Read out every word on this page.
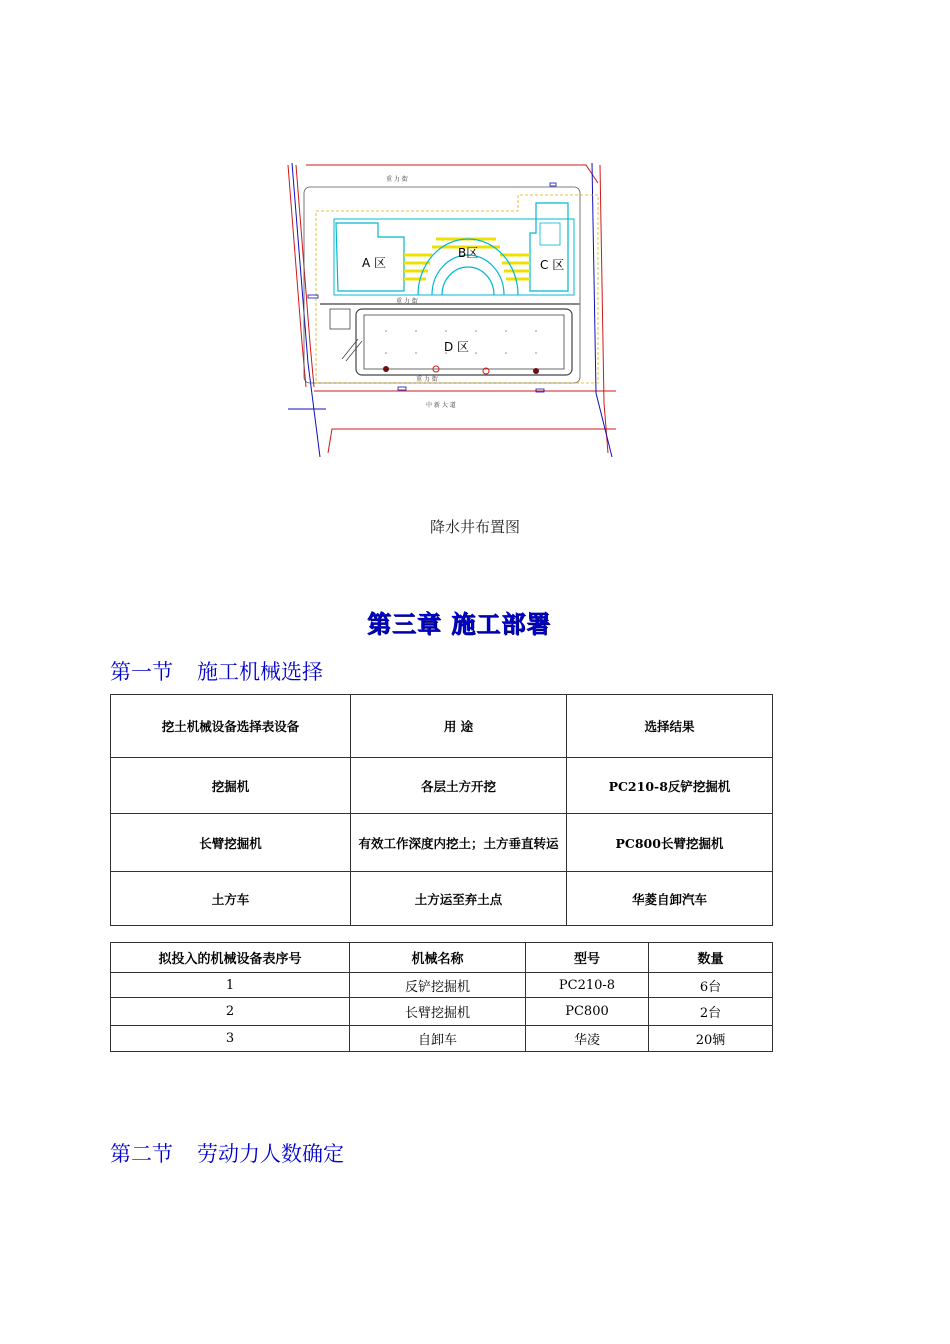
重 力 街
重 力 街
重 力 街
中 新 大 道
A 区
B区
C 区
D 区
降水井布置图
第三章 施工部署
第一节 施工机械选择
挖土机械设备选择表设备	用 途	选择结果
挖掘机	各层土方开挖	PC210-8反铲挖掘机
长臂挖掘机	有效工作深度内挖土；土方垂直转运	PC800长臂挖掘机
土方车	土方运至弃土点	华菱自卸汽车
拟投入的机械设备表序号	机械名称	型号	数量
1	反铲挖掘机	PC210-8	6台
2	长臂挖掘机	PC800	2台
3	自卸车	华凌	20辆
第二节 劳动力人数确定
